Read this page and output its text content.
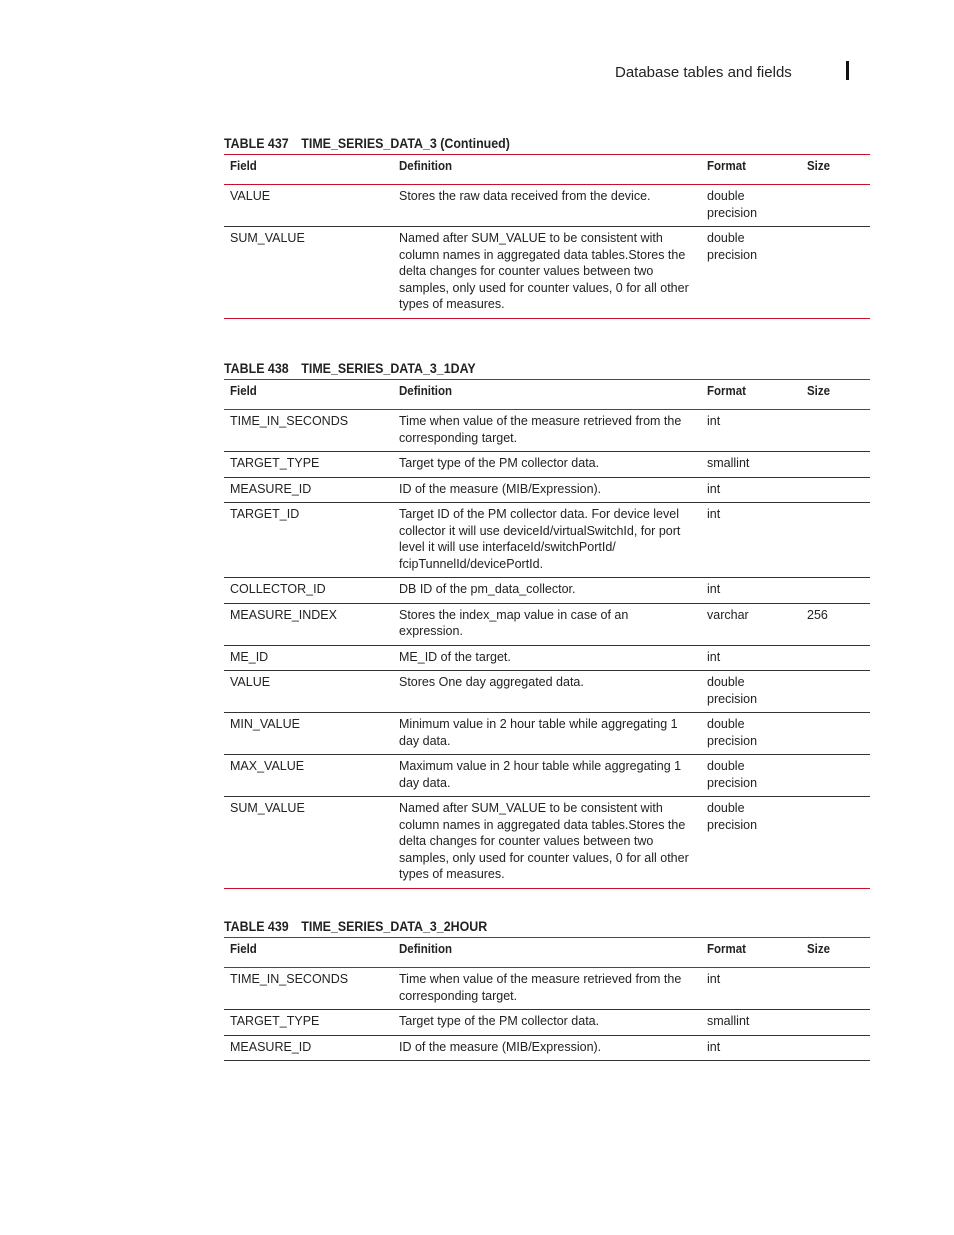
Database tables and fields
TABLE 437 TIME_SERIES_DATA_3 (Continued)
Field	Definition	Format	Size
VALUE	Stores the raw data received from the device.	double precision	
SUM_VALUE	Named after SUM_VALUE to be consistent with column names in aggregated data tables.Stores the delta changes for counter values between two samples, only used for counter values, 0 for all other types of measures.	double precision	
TABLE 438 TIME_SERIES_DATA_3_1DAY
Field	Definition	Format	Size
TIME_IN_SECONDS	Time when value of the measure retrieved from the corresponding target.	int	
TARGET_TYPE	Target type of the PM collector data.	smallint	
MEASURE_ID	ID of the measure (MIB/Expression).	int	
TARGET_ID	Target ID of the PM collector data. For device level collector it will use deviceId/virtualSwitchId, for port level it will use interfaceId/switchPortId/ fcipTunnelId/devicePortId.	int	
COLLECTOR_ID	DB ID of the pm_data_collector.	int	
MEASURE_INDEX	Stores the index_map value in case of an expression.	varchar	256
ME_ID	ME_ID of the target.	int	
VALUE	Stores One day aggregated data.	double precision	
MIN_VALUE	Minimum value in 2 hour table while aggregating 1 day data.	double precision	
MAX_VALUE	Maximum value in 2 hour table while aggregating 1 day data.	double precision	
SUM_VALUE	Named after SUM_VALUE to be consistent with column names in aggregated data tables.Stores the delta changes for counter values between two samples, only used for counter values, 0 for all other types of measures.	double precision	
TABLE 439 TIME_SERIES_DATA_3_2HOUR
Field	Definition	Format	Size
TIME_IN_SECONDS	Time when value of the measure retrieved from the corresponding target.	int	
TARGET_TYPE	Target type of the PM collector data.	smallint	
MEASURE_ID	ID of the measure (MIB/Expression).	int	
